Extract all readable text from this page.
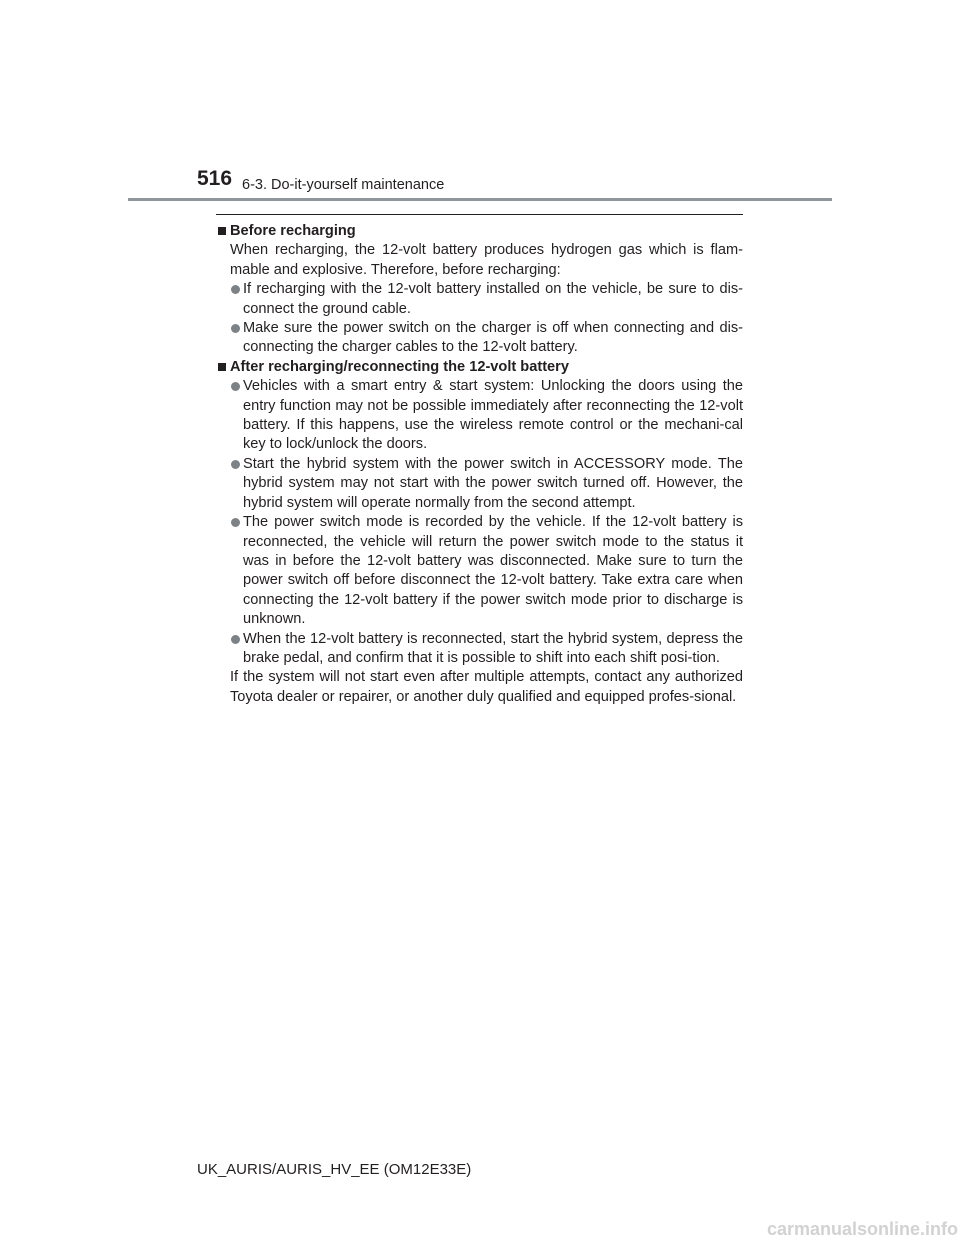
516 6-3. Do-it-yourself maintenance

Before recharging

When recharging, the 12-volt battery produces hydrogen gas which is flam-mable and explosive. Therefore, before recharging:

If recharging with the 12-volt battery installed on the vehicle, be sure to dis-connect the ground cable.

Make sure the power switch on the charger is off when connecting and dis-connecting the charger cables to the 12-volt battery.

After recharging/reconnecting the 12-volt battery

Vehicles with a smart entry & start system: Unlocking the doors using the entry function may not be possible immediately after reconnecting the 12-volt battery. If this happens, use the wireless remote control or the mechani-cal key to lock/unlock the doors.

Start the hybrid system with the power switch in ACCESSORY mode. The hybrid system may not start with the power switch turned off. However, the hybrid system will operate normally from the second attempt.

The power switch mode is recorded by the vehicle. If the 12-volt battery is reconnected, the vehicle will return the power switch mode to the status it was in before the 12-volt battery was disconnected. Make sure to turn the power switch off before disconnect the 12-volt battery. Take extra care when connecting the 12-volt battery if the power switch mode prior to discharge is unknown.

When the 12-volt battery is reconnected, start the hybrid system, depress the brake pedal, and confirm that it is possible to shift into each shift posi-tion.

If the system will not start even after multiple attempts, contact any authorized Toyota dealer or repairer, or another duly qualified and equipped profes-sional.

UK_AURIS/AURIS_HV_EE (OM12E33E)
carmanualsonline.info
